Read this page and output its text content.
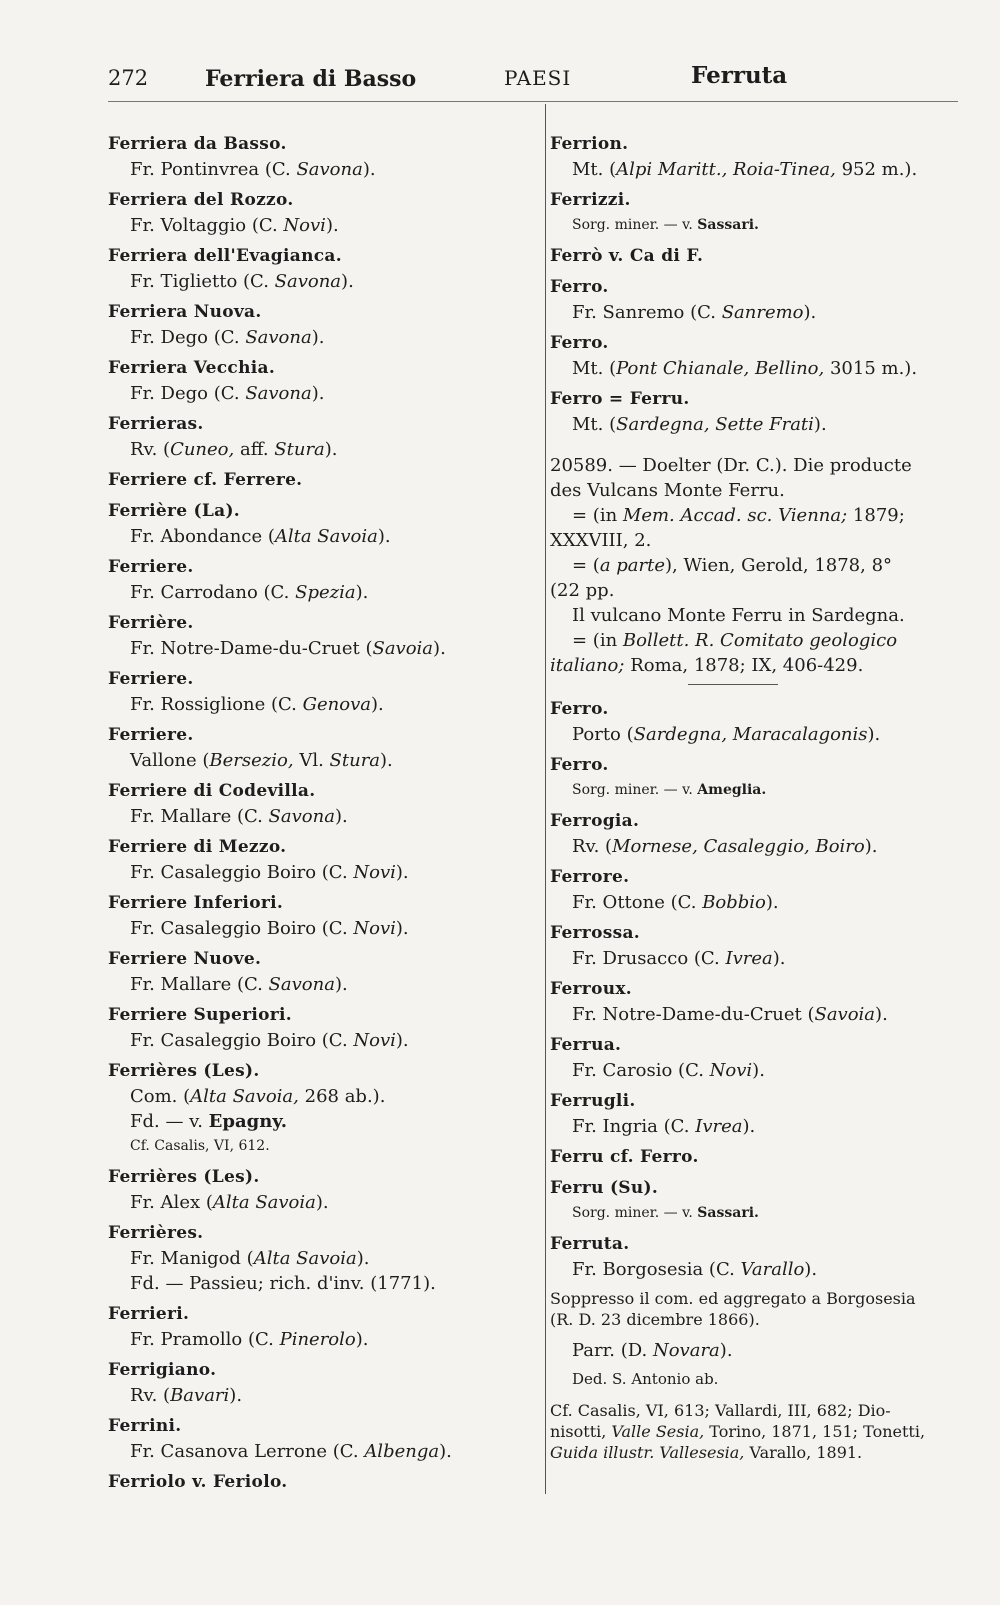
272	Ferriera di Basso	PAESI	Ferruta
Ferriera da Basso.
Fr. Pontinvrea (C. Savona).
Ferriera del Rozzo.
Fr. Voltaggio (C. Novi).
Ferriera dell'Evagianca.
Fr. Tiglietto (C. Savona).
Ferriera Nuova.
Fr. Dego (C. Savona).
Ferriera Vecchia.
Fr. Dego (C. Savona).
Ferrieras.
Rv. (Cuneo, aff. Stura).
Ferriere cf. Ferrere.
Ferrière (La).
Fr. Abondance (Alta Savoia).
Ferriere.
Fr. Carrodano (C. Spezia).
Ferrière.
Fr. Notre-Dame-du-Cruet (Savoia).
Ferriere.
Fr. Rossiglione (C. Genova).
Ferriere.
Vallone (Bersezio, Vl. Stura).
Ferriere di Codevilla.
Fr. Mallare (C. Savona).
Ferriere di Mezzo.
Fr. Casaleggio Boiro (C. Novi).
Ferriere Inferiori.
Fr. Casaleggio Boiro (C. Novi).
Ferriere Nuove.
Fr. Mallare (C. Savona).
Ferriere Superiori.
Fr. Casaleggio Boiro (C. Novi).
Ferrières (Les).
Com. (Alta Savoia, 268 ab.).
Fd. — v. Epagny.
Cf. Casalis, VI, 612.
Ferrières (Les).
Fr. Alex (Alta Savoia).
Ferrières.
Fr. Manigod (Alta Savoia).
Fd. — Passieu; rich. d'inv. (1771).
Ferrieri.
Fr. Pramollo (C. Pinerolo).
Ferrigiano.
Rv. (Bavari).
Ferrini.
Fr. Casanova Lerrone (C. Albenga).
Ferriolo v. Feriolo.
Ferrion.
Mt. (Alpi Maritt., Roia-Tinea, 952 m.).
Ferrizzi.
Sorg. miner. — v. Sassari.
Ferrò v. Ca di F.
Ferro.
Fr. Sanremo (C. Sanremo).
Ferro.
Mt. (Pont Chianale, Bellino, 3015 m.).
Ferro = Ferru.
Mt. (Sardegna, Sette Frati).
20589. — Doelter (Dr. C.). Die producte
des Vulcans Monte Ferru.
= (in Mem. Accad. sc. Vienna; 1879;
XXXVIII, 2.
= (a parte), Wien, Gerold, 1878, 8°
(22 pp.
Il vulcano Monte Ferru in Sardegna.
= (in Bollett. R. Comitato geologico
italiano; Roma, 1878; IX, 406-429.
Ferro.
Porto (Sardegna, Maracalagonis).
Ferro.
Sorg. miner. — v. Ameglia.
Ferrogia.
Rv. (Mornese, Casaleggio, Boiro).
Ferrore.
Fr. Ottone (C. Bobbio).
Ferrossa.
Fr. Drusacco (C. Ivrea).
Ferroux.
Fr. Notre-Dame-du-Cruet (Savoia).
Ferrua.
Fr. Carosio (C. Novi).
Ferrugli.
Fr. Ingria (C. Ivrea).
Ferru cf. Ferro.
Ferru (Su).
Sorg. miner. — v. Sassari.
Ferruta.
Fr. Borgosesia (C. Varallo).
Soppresso il com. ed aggregato a Borgosesia
(R. D. 23 dicembre 1866).
Parr. (D. Novara).
Ded. S. Antonio ab.
Cf. Casalis, VI, 613; Vallardi, III, 682; Dio-
nisotti, Valle Sesia, Torino, 1871, 151; Tonetti,
Guida illustr. Vallesesia, Varallo, 1891.
